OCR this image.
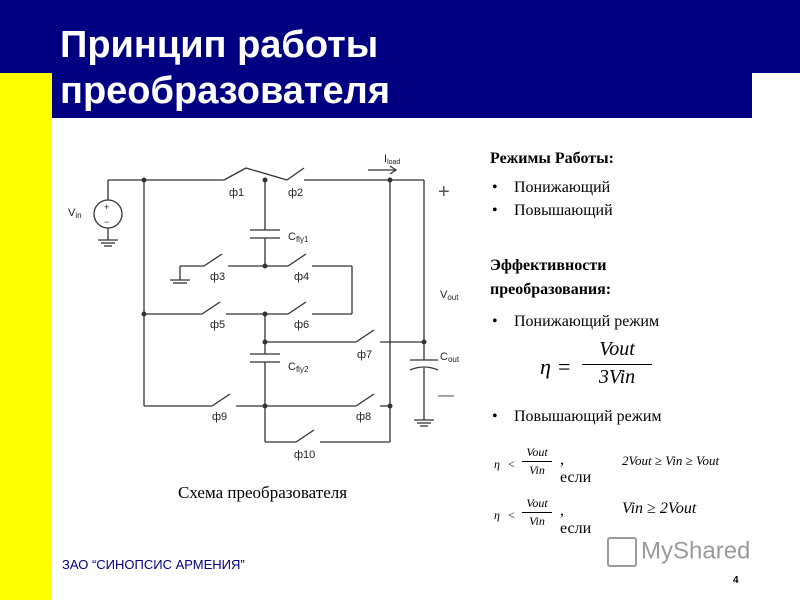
Принцип работы
преобразователя
Vin
+
−
Iload
ф1	ф2
Cfly1
ф3	ф4
ф5	ф6
Cfly2
ф7
ф9	ф8
ф10
Vout
Cout
+
—
Схема преобразователя
Режимы Работы:
• Понижающий
• Повышающий
Эффективности
преобразования:
• Понижающий режим
η =
Vout
3Vin
• Повышающий режим
η <
Vout
Vin
, если
2Vout ≥ Vin ≥ Vout
η <
Vout
Vin
, если
Vin ≥ 2Vout
MyShared
ЗАО “СИНОПСИС АРМЕНИЯ”
4
